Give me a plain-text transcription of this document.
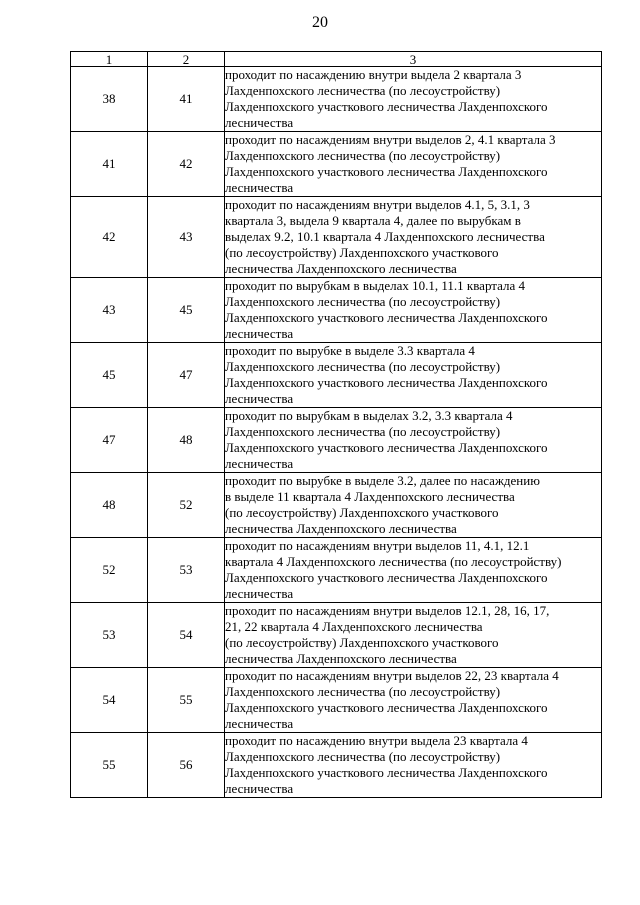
20
1	2	3
38	41	проходит по насаждению внутри выдела 2 квартала 3
Лахденпохского лесничества (по лесоустройству)
Лахденпохского участкового лесничества Лахденпохского
лесничества

41	42	проходит по насаждениям внутри выделов 2, 4.1 квартала 3
Лахденпохского лесничества (по лесоустройству)
Лахденпохского участкового лесничества Лахденпохского
лесничества

42	43	проходит по насаждениям внутри выделов 4.1, 5, 3.1, 3
квартала 3, выдела 9 квартала 4, далее по вырубкам в
выделах 9.2, 10.1 квартала 4 Лахденпохского лесничества
(по лесоустройству) Лахденпохского участкового
лесничества Лахденпохского лесничества

43	45	проходит по вырубкам в выделах 10.1, 11.1 квартала 4
Лахденпохского лесничества (по лесоустройству)
Лахденпохского участкового лесничества Лахденпохского
лесничества

45	47	проходит по вырубке в выделе 3.3 квартала 4
Лахденпохского лесничества (по лесоустройству)
Лахденпохского участкового лесничества Лахденпохского
лесничества

47	48	проходит по вырубкам в выделах 3.2, 3.3 квартала 4
Лахденпохского лесничества (по лесоустройству)
Лахденпохского участкового лесничества Лахденпохского
лесничества

48	52	проходит по вырубке в выделе 3.2, далее по насаждению
в выделе 11 квартала 4 Лахденпохского лесничества
(по лесоустройству) Лахденпохского участкового
лесничества Лахденпохского лесничества

52	53	проходит по насаждениям внутри выделов 11, 4.1, 12.1
квартала 4 Лахденпохского лесничества (по лесоустройству)
Лахденпохского участкового лесничества Лахденпохского
лесничества

53	54	проходит по насаждениям внутри выделов 12.1, 28, 16, 17,
21, 22 квартала 4 Лахденпохского лесничества
(по лесоустройству) Лахденпохского участкового
лесничества Лахденпохского лесничества

54	55	проходит по насаждениям внутри выделов 22, 23 квартала 4
Лахденпохского лесничества (по лесоустройству)
Лахденпохского участкового лесничества Лахденпохского
лесничества

55	56	проходит по насаждению внутри выдела 23 квартала 4
Лахденпохского лесничества (по лесоустройству)
Лахденпохского участкового лесничества Лахденпохского
лесничества
